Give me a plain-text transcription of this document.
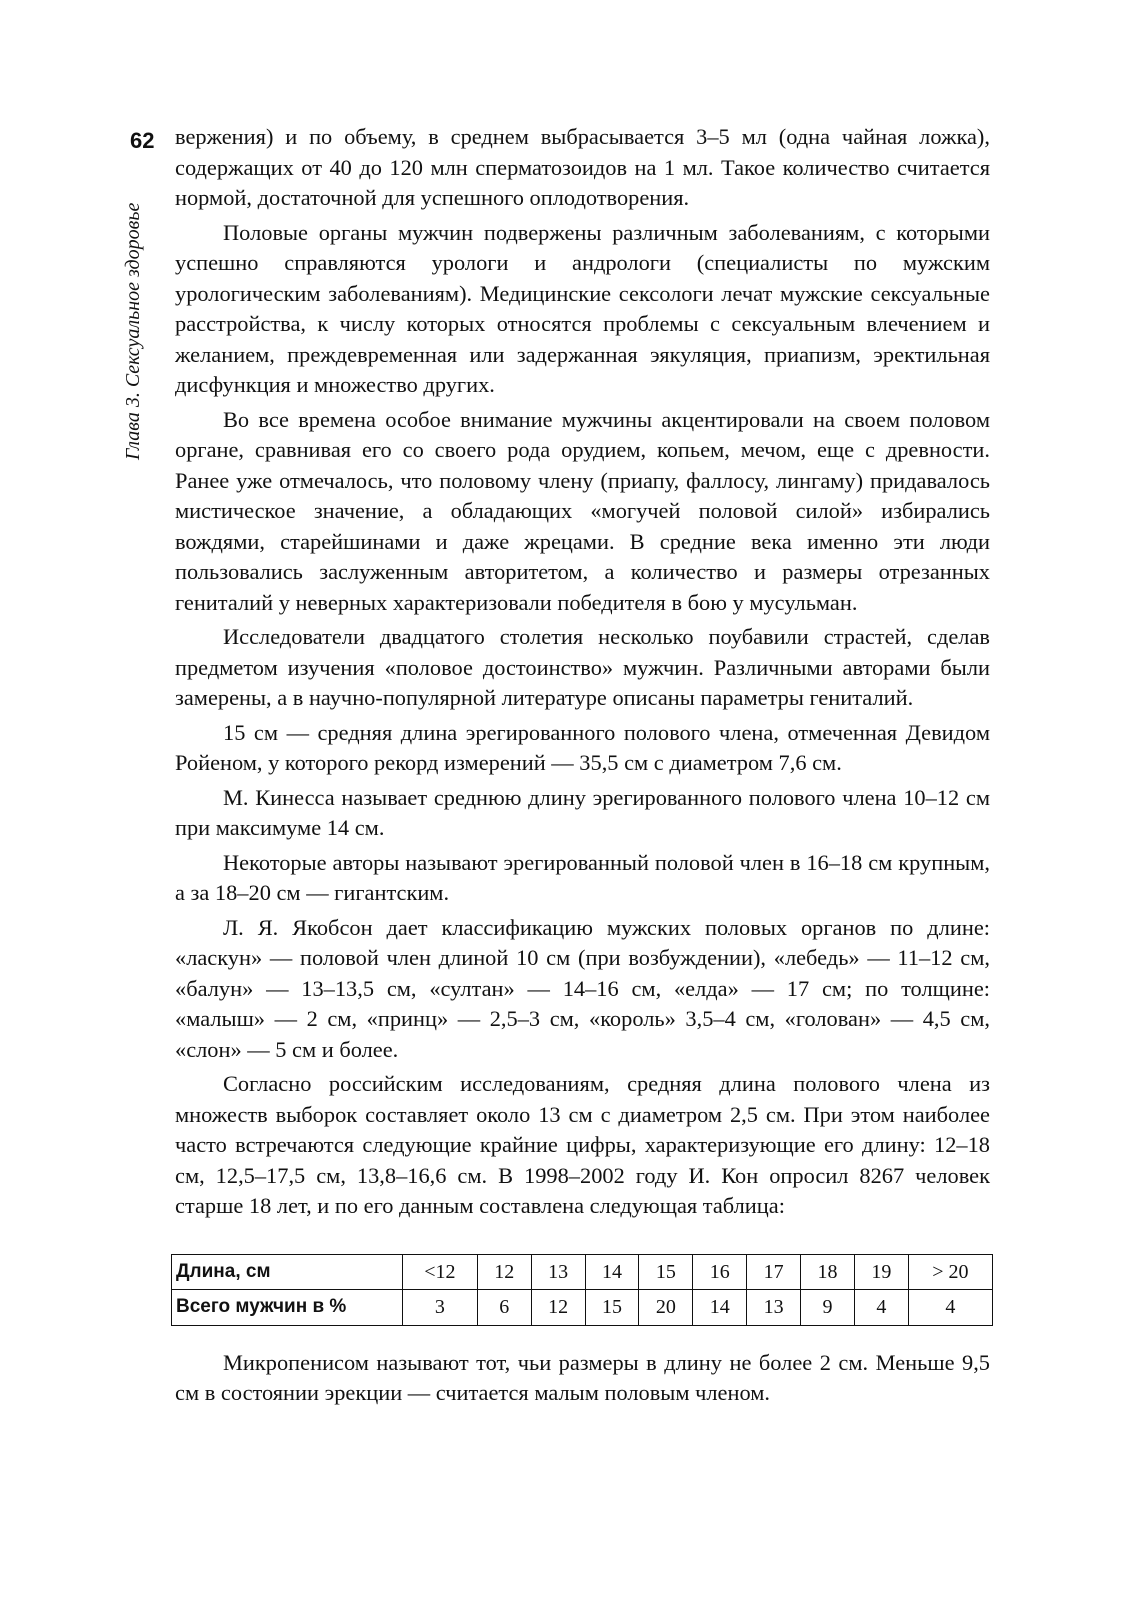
62
Глава 3. Сексуальное здоровье

вержения) и по объему, в среднем выбрасывается 3–5 мл (одна чайная ложка), содержащих от 40 до 120 млн сперматозоидов на 1 мл. Такое количество считается нормой, достаточной для успешного оплодотворения.

Половые органы мужчин подвержены различным заболеваниям, с которыми успешно справляются урологи и андрологи (специалисты по мужским урологическим заболеваниям). Медицинские сексологи лечат мужские сексуальные расстройства, к числу которых относятся проблемы с сексуальным влечением и желанием, преждевременная или задержанная эякуляция, приапизм, эректильная дисфункция и множество других.

Во все времена особое внимание мужчины акцентировали на своем половом органе, сравнивая его со своего рода орудием, копьем, мечом, еще с древности. Ранее уже отмечалось, что половому члену (приапу, фаллосу, лингаму) придавалось мистическое значение, а обладающих «могучей половой силой» избирались вождями, старейшинами и даже жрецами. В средние века именно эти люди пользовались заслуженным авторитетом, а количество и размеры отрезанных гениталий у неверных характеризовали победителя в бою у мусульман.

Исследователи двадцатого столетия несколько поубавили страстей, сделав предметом изучения «половое достоинство» мужчин. Различными авторами были замерены, а в научно-популярной литературе описаны параметры гениталий.

15 см — средняя длина эрегированного полового члена, отмеченная Девидом Ройеном, у которого рекорд измерений — 35,5 см с диаметром 7,6 см.

М. Кинесса называет среднюю длину эрегированного полового члена 10–12 см при максимуме 14 см.

Некоторые авторы называют эрегированный половой член в 16–18 см крупным, а за 18–20 см — гигантским.

Л. Я. Якобсон дает классификацию мужских половых органов по длине: «ласкун» — половой член длиной 10 см (при возбуждении), «лебедь» — 11–12 см, «балун» — 13–13,5 см, «султан» — 14–16 см, «елда» — 17 см; по толщине: «малыш» — 2 см, «принц» — 2,5–3 см, «король» 3,5–4 см, «голован» — 4,5 см, «слон» — 5 см и более.

Согласно российским исследованиям, средняя длина полового члена из множеств выборок составляет около 13 см с диаметром 2,5 см. При этом наиболее часто встречаются следующие крайние цифры, характеризующие его длину: 12–18 см, 12,5–17,5 см, 13,8–16,6 см. В 1998–2002 году И. Кон опросил 8267 человек старше 18 лет, и по его данным составлена следующая таблица:

Длина, см	<12	12	13	14	15	16	17	18	19	> 20
Всего мужчин в %	3	6	12	15	20	14	13	9	4	4

Микропенисом называют тот, чьи размеры в длину не более 2 см. Меньше 9,5 см в состоянии эрекции — считается малым половым членом.
